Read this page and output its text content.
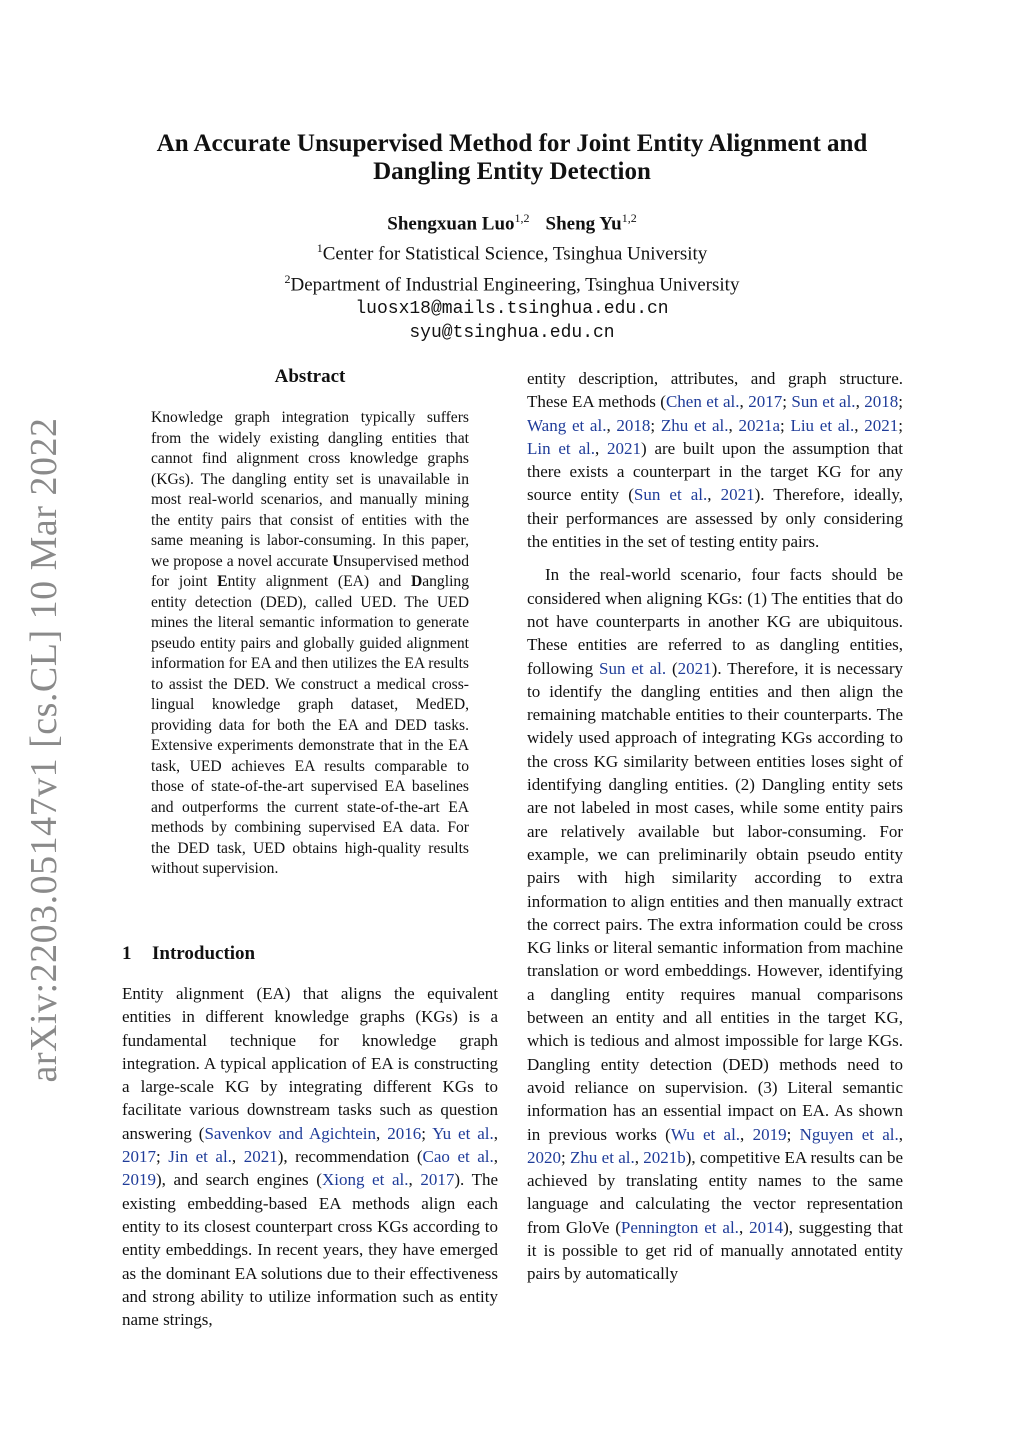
arXiv:2203.05147v1 [cs.CL] 10 Mar 2022
An Accurate Unsupervised Method for Joint Entity Alignment and
Dangling Entity Detection
Shengxuan Luo$^{1,2}$ Sheng Yu$^{1,2}$
$^1$Center for Statistical Science, Tsinghua University
$^2$Department of Industrial Engineering, Tsinghua University
luosx18@mails.tsinghua.edu.cn
syu@tsinghua.edu.cn
Abstract
Knowledge graph integration typically suffers from the widely existing dangling entities that cannot find alignment cross knowledge graphs (KGs). The dangling entity set is unavailable in most real-world scenarios, and manually mining the entity pairs that consist of entities with the same meaning is labor-consuming. In this paper, we propose a novel accurate Unsupervised method for joint Entity alignment (EA) and Dangling entity detection (DED), called UED. The UED mines the literal semantic information to generate pseudo entity pairs and globally guided alignment information for EA and then utilizes the EA results to assist the DED. We construct a medical cross-lingual knowledge graph dataset, MedED, providing data for both the EA and DED tasks. Extensive experiments demonstrate that in the EA task, UED achieves EA results comparable to those of state-of-the-art supervised EA baselines and outperforms the current state-of-the-art EA methods by combining supervised EA data. For the DED task, UED obtains high-quality results without supervision.
1 Introduction

Entity alignment (EA) that aligns the equivalent entities in different knowledge graphs (KGs) is a fundamental technique for knowledge graph integration. A typical application of EA is constructing a large-scale KG by integrating different KGs to facilitate various downstream tasks such as question answering (Savenkov and Agichtein, 2016; Yu et al., 2017; Jin et al., 2021), recommendation (Cao et al., 2019), and search engines (Xiong et al., 2017). The existing embedding-based EA methods align each entity to its closest counterpart cross KGs according to entity embeddings. In recent years, they have emerged as the dominant EA solutions due to their effectiveness and strong ability to utilize information such as entity name strings,

entity description, attributes, and graph structure. These EA methods (Chen et al., 2017; Sun et al., 2018; Wang et al., 2018; Zhu et al., 2021a; Liu et al., 2021; Lin et al., 2021) are built upon the assumption that there exists a counterpart in the target KG for any source entity (Sun et al., 2021). Therefore, ideally, their performances are assessed by only considering the entities in the set of testing entity pairs.

In the real-world scenario, four facts should be considered when aligning KGs: (1) The entities that do not have counterparts in another KG are ubiquitous. These entities are referred to as dangling entities, following Sun et al. (2021). Therefore, it is necessary to identify the dangling entities and then align the remaining matchable entities to their counterparts. The widely used approach of integrating KGs according to the cross KG similarity between entities loses sight of identifying dangling entities. (2) Dangling entity sets are not labeled in most cases, while some entity pairs are relatively available but labor-consuming. For example, we can preliminarily obtain pseudo entity pairs with high similarity according to extra information to align entities and then manually extract the correct pairs. The extra information could be cross KG links or literal semantic information from machine translation or word embeddings. However, identifying a dangling entity requires manual comparisons between an entity and all entities in the target KG, which is tedious and almost impossible for large KGs. Dangling entity detection (DED) methods need to avoid reliance on supervision. (3) Literal semantic information has an essential impact on EA. As shown in previous works (Wu et al., 2019; Nguyen et al., 2020; Zhu et al., 2021b), competitive EA results can be achieved by translating entity names to the same language and calculating the vector representation from GloVe (Pennington et al., 2014), suggesting that it is possible to get rid of manually annotated entity pairs by automatically
